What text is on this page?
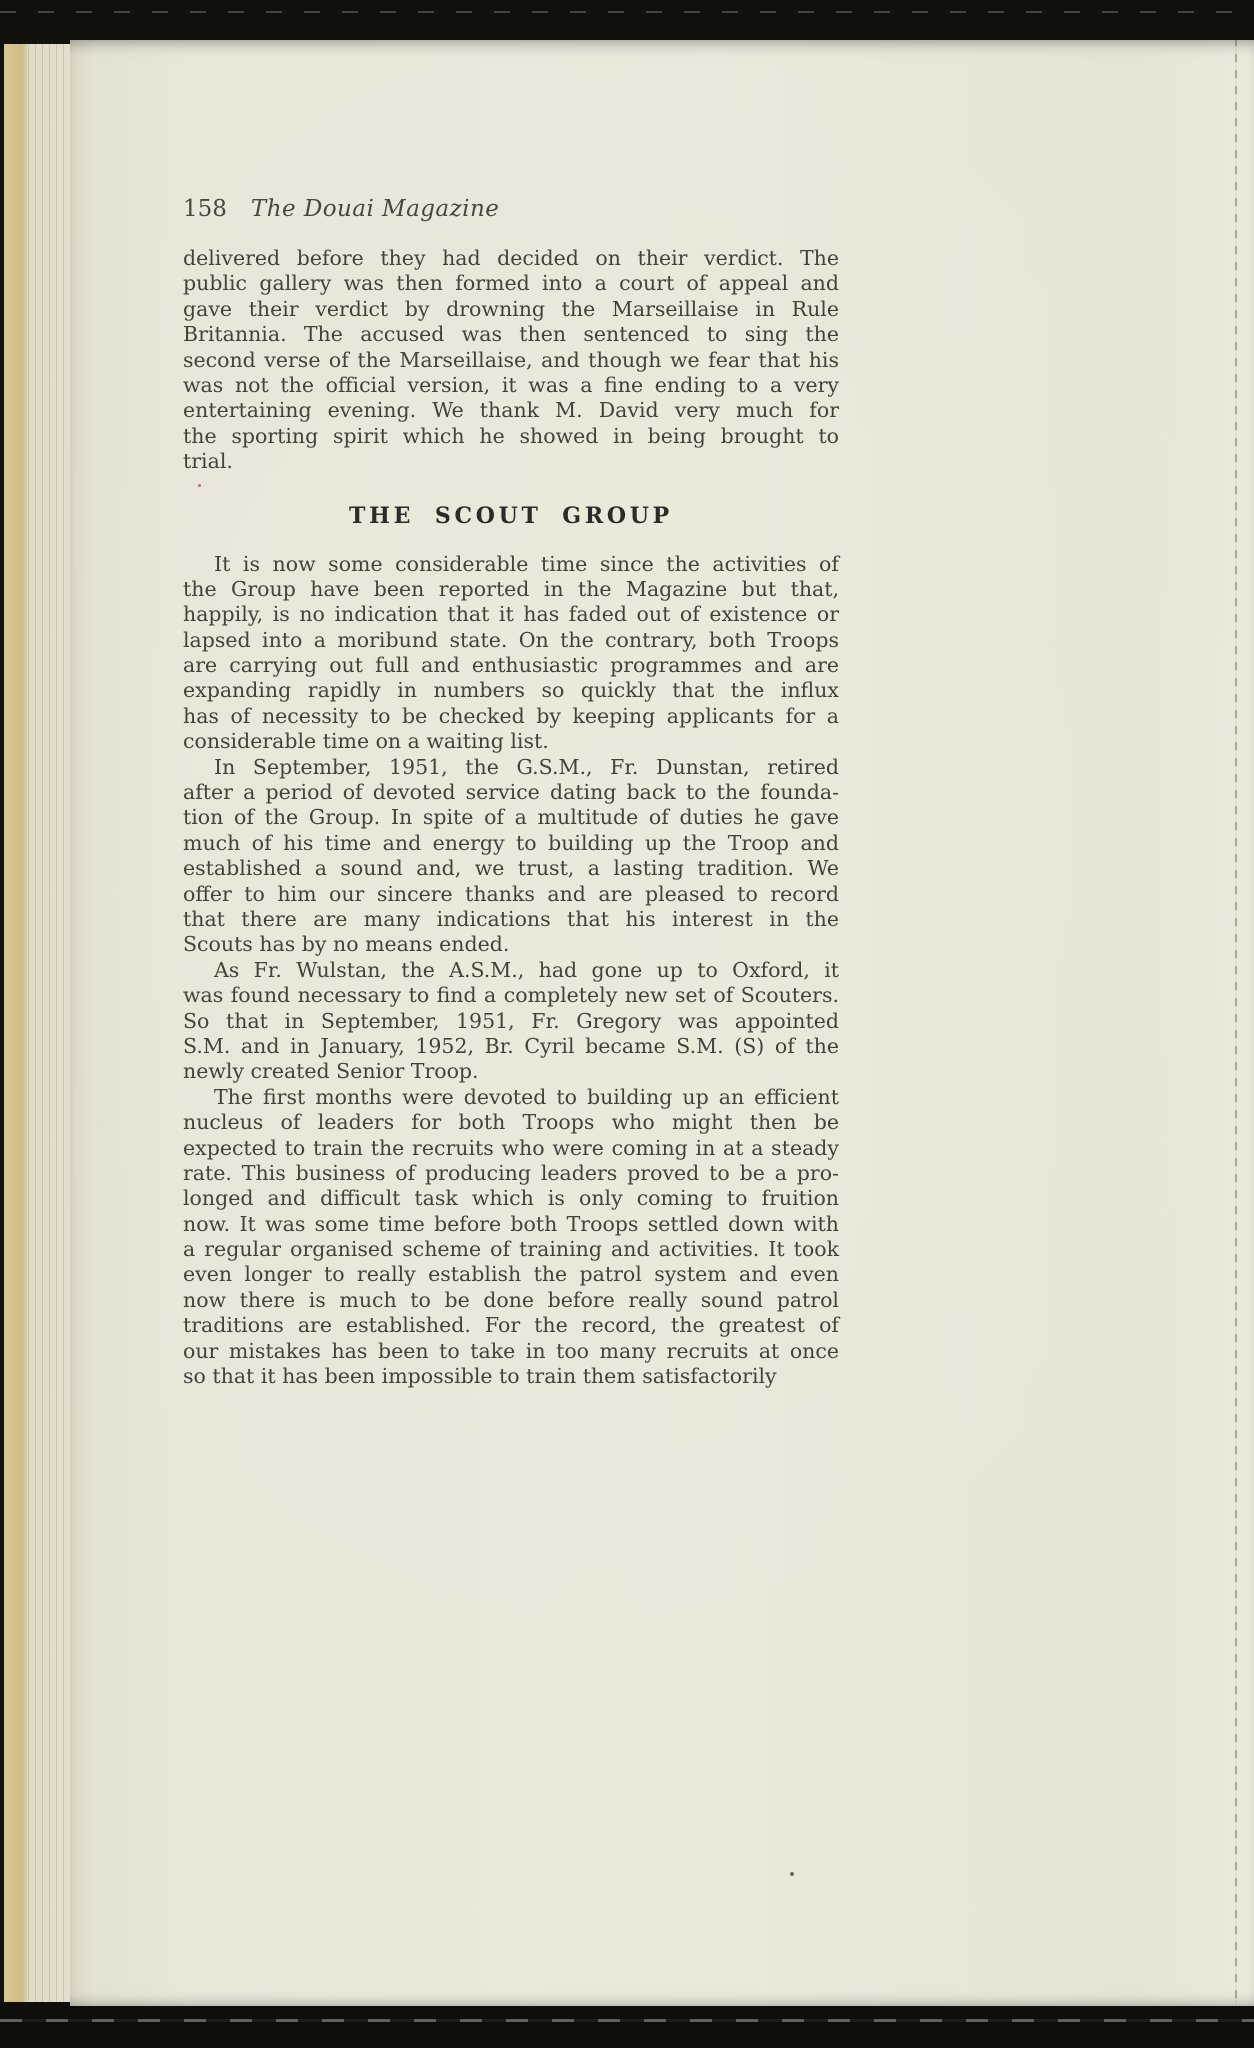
158 The Douai Magazine
delivered before they had decided on their verdict. The
public gallery was then formed into a court of appeal and
gave their verdict by drowning the Marseillaise in Rule
Britannia. The accused was then sentenced to sing the
second verse of the Marseillaise, and though we fear that his
was not the official version, it was a fine ending to a very
entertaining evening. We thank M. David very much for
the sporting spirit which he showed in being brought to
trial.
THE SCOUT GROUP
It is now some considerable time since the activities of
the Group have been reported in the Magazine but that,
happily, is no indication that it has faded out of existence or
lapsed into a moribund state. On the contrary, both Troops
are carrying out full and enthusiastic programmes and are
expanding rapidly in numbers so quickly that the influx
has of necessity to be checked by keeping applicants for a
considerable time on a waiting list.
In September, 1951, the G.S.M., Fr. Dunstan, retired
after a period of devoted service dating back to the founda-
tion of the Group. In spite of a multitude of duties he gave
much of his time and energy to building up the Troop and
established a sound and, we trust, a lasting tradition. We
offer to him our sincere thanks and are pleased to record
that there are many indications that his interest in the
Scouts has by no means ended.
As Fr. Wulstan, the A.S.M., had gone up to Oxford, it
was found necessary to find a completely new set of Scouters.
So that in September, 1951, Fr. Gregory was appointed
S.M. and in January, 1952, Br. Cyril became S.M. (S) of the
newly created Senior Troop.
The first months were devoted to building up an efficient
nucleus of leaders for both Troops who might then be
expected to train the recruits who were coming in at a steady
rate. This business of producing leaders proved to be a pro-
longed and difficult task which is only coming to fruition
now. It was some time before both Troops settled down with
a regular organised scheme of training and activities. It took
even longer to really establish the patrol system and even
now there is much to be done before really sound patrol
traditions are established. For the record, the greatest of
our mistakes has been to take in too many recruits at once
so that it has been impossible to train them satisfactorily
